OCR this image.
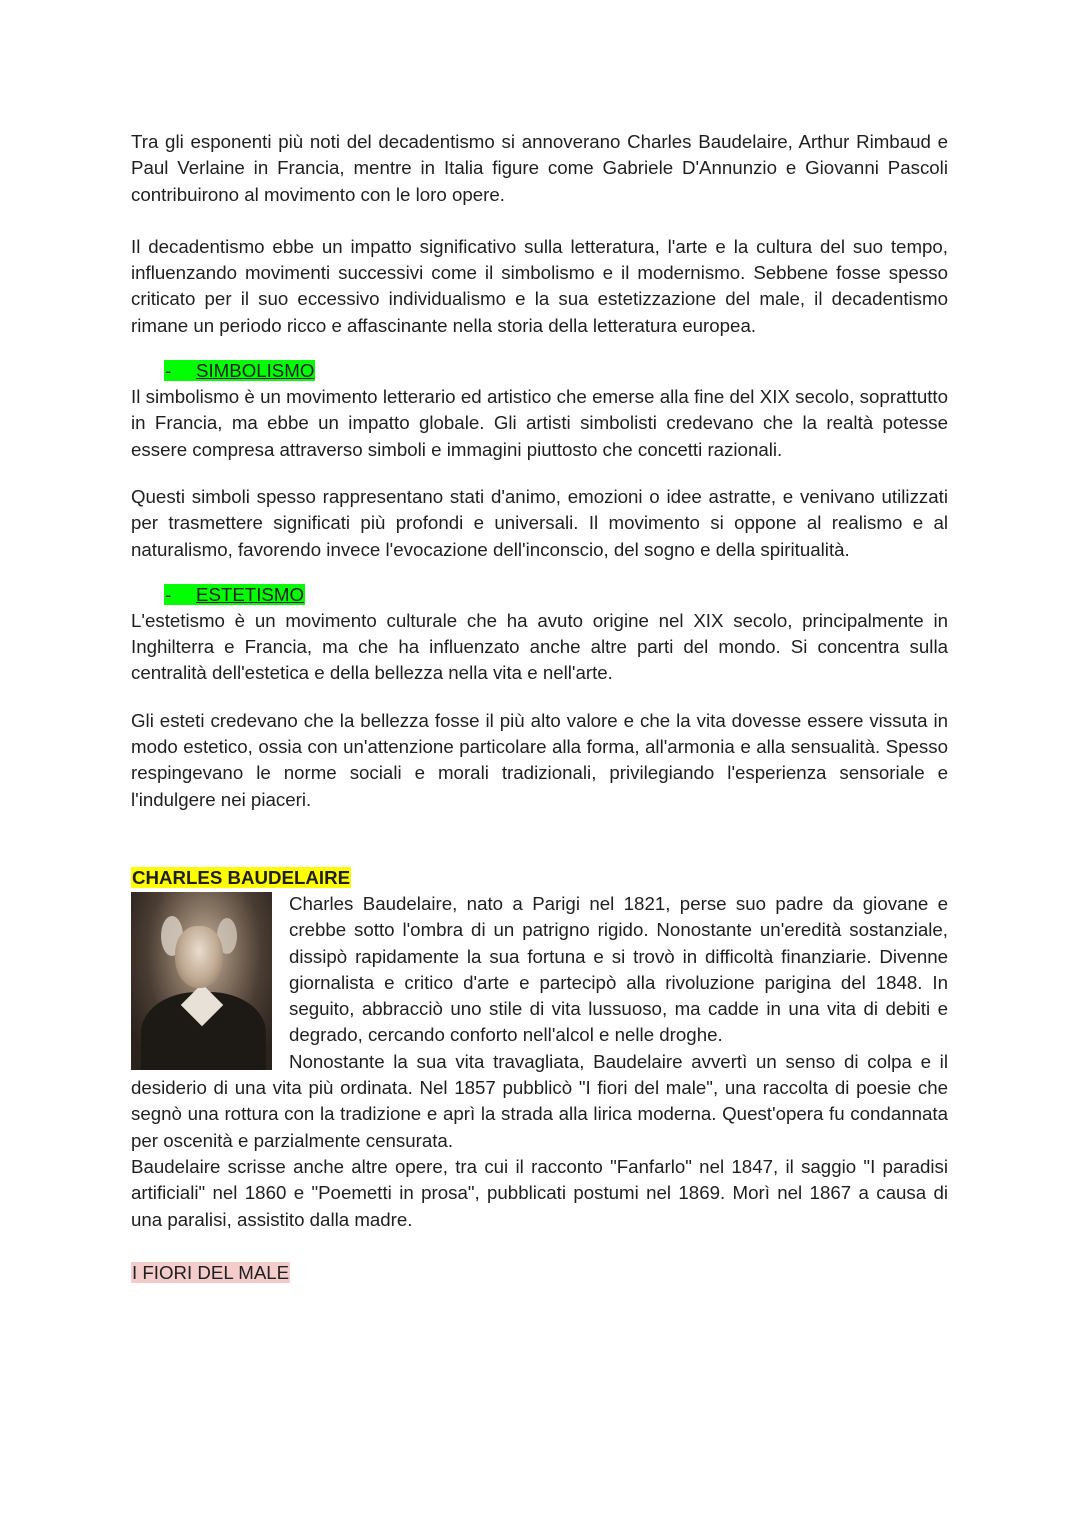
Tra gli esponenti più noti del decadentismo si annoverano Charles Baudelaire, Arthur Rimbaud e Paul Verlaine in Francia, mentre in Italia figure come Gabriele D'Annunzio e Giovanni Pascoli contribuirono al movimento con le loro opere.

Il decadentismo ebbe un impatto significativo sulla letteratura, l'arte e la cultura del suo tempo, influenzando movimenti successivi come il simbolismo e il modernismo. Sebbene fosse spesso criticato per il suo eccessivo individualismo e la sua estetizzazione del male, il decadentismo rimane un periodo ricco e affascinante nella storia della letteratura europea.

- SIMBOLISMO

Il simbolismo è un movimento letterario ed artistico che emerse alla fine del XIX secolo, soprattutto in Francia, ma ebbe un impatto globale. Gli artisti simbolisti credevano che la realtà potesse essere compresa attraverso simboli e immagini piuttosto che concetti razionali.

Questi simboli spesso rappresentano stati d'animo, emozioni o idee astratte, e venivano utilizzati per trasmettere significati più profondi e universali. Il movimento si oppone al realismo e al naturalismo, favorendo invece l'evocazione dell'inconscio, del sogno e della spiritualità.

- ESTETISMO

L'estetismo è un movimento culturale che ha avuto origine nel XIX secolo, principalmente in Inghilterra e Francia, ma che ha influenzato anche altre parti del mondo. Si concentra sulla centralità dell'estetica e della bellezza nella vita e nell'arte.

Gli esteti credevano che la bellezza fosse il più alto valore e che la vita dovesse essere vissuta in modo estetico, ossia con un'attenzione particolare alla forma, all'armonia e alla sensualità. Spesso respingevano le norme sociali e morali tradizionali, privilegiando l'esperienza sensoriale e l'indulgere nei piaceri.

CHARLES BAUDELAIRE

Charles Baudelaire, nato a Parigi nel 1821, perse suo padre da giovane e crebbe sotto l'ombra di un patrigno rigido. Nonostante un'eredità sostanziale, dissipò rapidamente la sua fortuna e si trovò in difficoltà finanziarie. Divenne giornalista e critico d'arte e partecipò alla rivoluzione parigina del 1848. In seguito, abbracciò uno stile di vita lussuoso, ma cadde in una vita di debiti e degrado, cercando conforto nell'alcol e nelle droghe.

Nonostante la sua vita travagliata, Baudelaire avvertì un senso di colpa e il desiderio di una vita più ordinata. Nel 1857 pubblicò "I fiori del male", una raccolta di poesie che segnò una rottura con la tradizione e aprì la strada alla lirica moderna. Quest'opera fu condannata per oscenità e parzialmente censurata.

Baudelaire scrisse anche altre opere, tra cui il racconto "Fanfarlo" nel 1847, il saggio "I paradisi artificiali" nel 1860 e "Poemetti in prosa", pubblicati postumi nel 1869. Morì nel 1867 a causa di una paralisi, assistito dalla madre.

I FIORI DEL MALE
